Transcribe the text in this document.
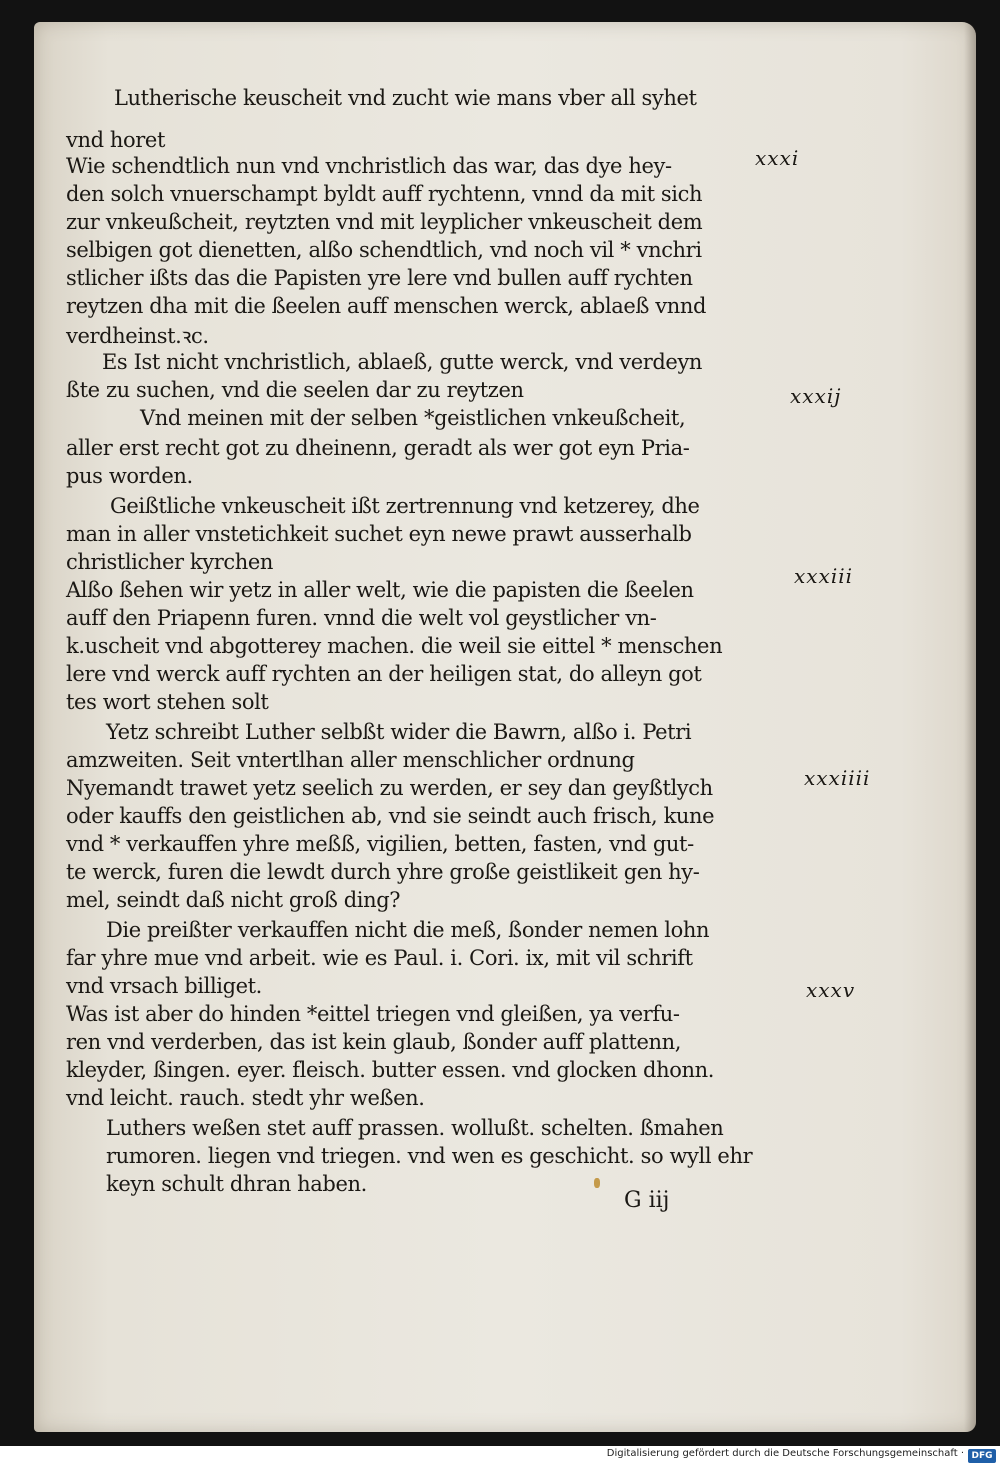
Lutherische keuscheit vnd zucht wie mans vber all syhet
vnd horet
Wie schendtlich nun vnd vnchristlich das war, das dye hey‑
den solch vnuerschampt byldt auff rychtenn, vnnd da mit sich
zur vnkeußcheit, reytzten vnd mit leyplicher vnkeuscheit dem
selbigen got dienetten, alßo schendtlich, vnd noch vil * vnchri
stlicher ißts das die Papisten yre lere vnd bullen auff rychten
reytzen dha mit die ßeelen auff menschen werck, ablaeß vnnd
verdheinst.ꝛc.
Es Ist nicht vnchristlich, ablaeß, gutte werck, vnd verdeyn
ßte zu suchen, vnd die seelen dar zu reytzen
Vnd meinen mit der selben *geistlichen vnkeußcheit,
aller erst recht got zu dheinenn, geradt als wer got eyn Pria‑
pus worden.
Geißtliche vnkeuscheit ißt zertrennung vnd ketzerey, dhe
man in aller vnstetichkeit suchet eyn newe prawt ausserhalb
christlicher kyrchen
Alßo ßehen wir yetz in aller welt, wie die papisten die ßeelen
auff den Priapenn furen. vnnd die welt vol geystlicher vn‑
k.uscheit vnd abgotterey machen. die weil sie eittel * menschen
lere vnd werck auff rychten an der heiligen stat, do alleyn got
tes wort stehen solt
Yetz schreibt Luther selbßt wider die Bawrn, alßo i. Petri
amzweiten. Seit vntertlhan aller menschlicher ordnung
Nyemandt trawet yetz seelich zu werden, er sey dan geyßtlych
oder kauffs den geistlichen ab, vnd sie seindt auch frisch, kune
vnd * verkauffen yhre meßß, vigilien, betten, fasten, vnd gut‑
te werck, furen die lewdt durch yhre große geistlikeit gen hy‑
mel, seindt daß nicht groß ding?
Die preißter verkauffen nicht die meß, ßonder nemen lohn
far yhre mue vnd arbeit. wie es Paul. i. Cori. ix, mit vil schrift
vnd vrsach billiget.
Was ist aber do hinden *eittel triegen vnd gleißen, ya verfu‑
ren vnd verderben, das ist kein glaub, ßonder auff plattenn,
kleyder, ßingen. eyer. fleisch. butter essen. vnd glocken dhonn.
vnd leicht. rauch. stedt yhr weßen.
Luthers weßen stet auff prassen. wollußt. schelten. ßmahen
rumoren. liegen vnd triegen. vnd wen es geschicht. so wyll ehr
keyn schult dhran haben.
xxxi
xxxij
xxxiii
xxxiiii
xxxv
G iij
Digitalisierung gefördert durch die Deutsche Forschungsgemeinschaft · DFG
